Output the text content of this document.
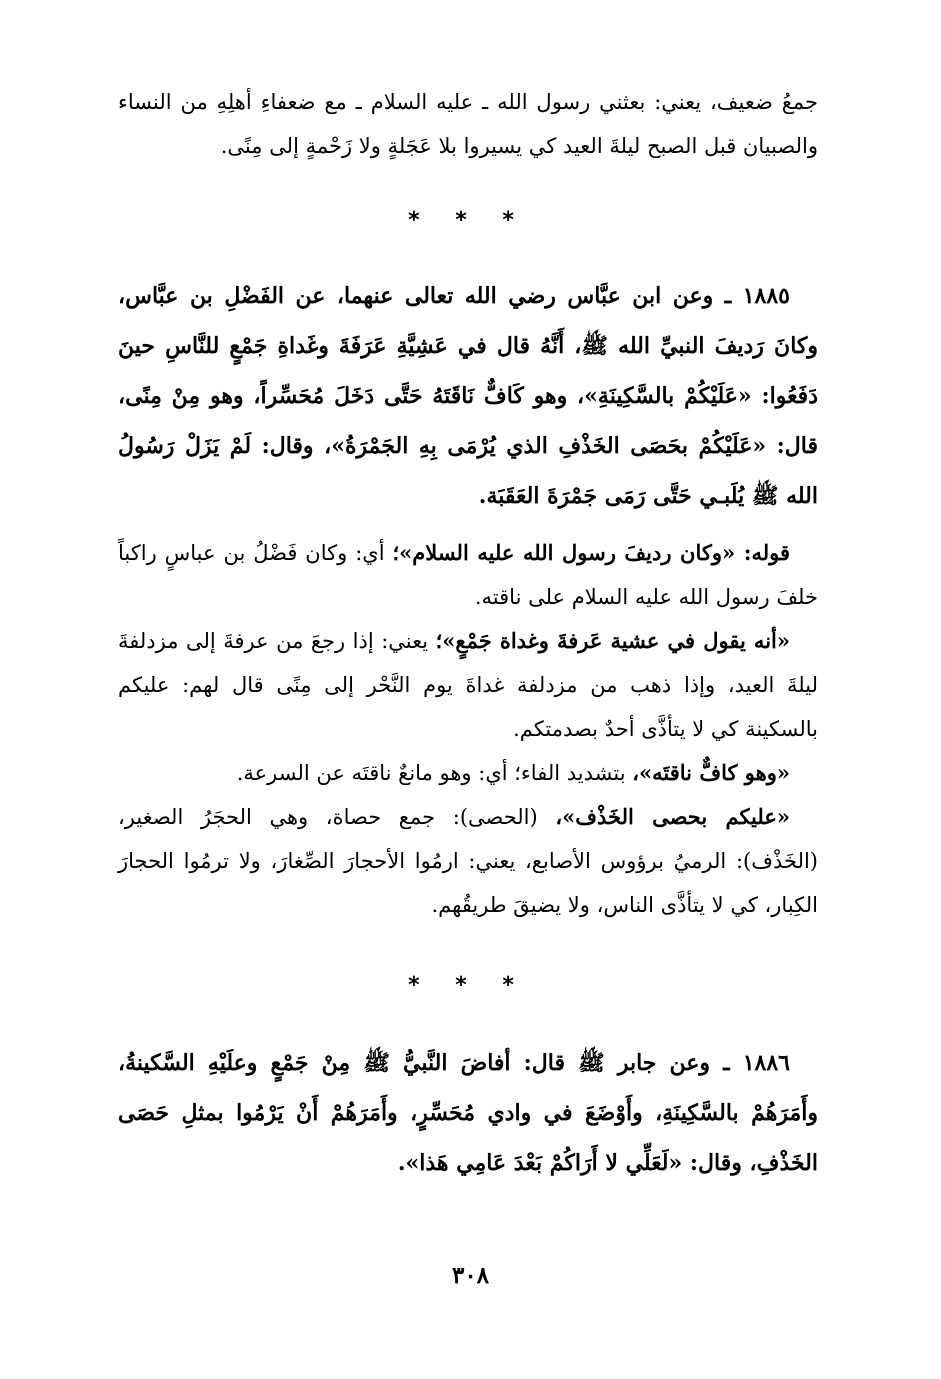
جمعُ ضعيف، يعني: بعثني رسول الله ـ عليه السلام ـ مع ضعفاءِ أهلِهِ من النساء والصبيان قبل الصبح ليلةَ العيد كي يسيروا بلا عَجَلةٍ ولا زَحْمةٍ إلى مِنًى.

* * *

١٨٨٥ ـ وعن ابن عبَّاس رضي الله تعالى عنهما، عن الفَضْلِ بن عبَّاس، وكانَ رَديفَ النبيِّ الله ﷺ، أَنَّهُ قال في عَشِيَّةِ عَرَفَةَ وغَداةِ جَمْعٍ للنَّاسِ حينَ دَفَعُوا: «عَلَيْكُمْ بالسَّكِينَةِ»، وهو كَافٌّ نَاقَتَهُ حَتَّى دَخَلَ مُحَسِّراً، وهو مِنْ مِنًى، قال: «عَلَيْكُمْ بحَصَى الخَذْفِ الذي يُرْمَى بِهِ الجَمْرَةُ»، وقال: لَمْ يَزَلْ رَسُولُ الله ﷺ يُلَبـي حَتَّى رَمَى جَمْرَةَ العَقَبَة.

قوله: «وكان رديفَ رسول الله عليه السلام»؛ أي: وكان فَضْلُ بن عباسٍ راكباً خلفَ رسول الله عليه السلام على ناقته.

«أنه يقول في عشية عَرفةَ وغداة جَمْعٍ»؛ يعني: إذا رجعَ من عرفةَ إلى مزدلفةَ ليلةَ العيد، وإذا ذهب من مزدلفة غداةَ يوم النَّحْر إلى مِنًى قال لهم: عليكم بالسكينة كي لا يتأذَّى أحدٌ بصدمتكم.

«وهو كافٌّ ناقتَه»، بتشديد الفاء؛ أي: وهو مانعٌ ناقتَه عن السرعة.

«عليكم بحصى الخَذْف»، (الحصى): جمع حصاة، وهي الحجَرُ الصغير، (الخَذْف): الرميُ برؤوس الأصابع، يعني: ارمُوا الأحجارَ الصِّغارَ، ولا ترمُوا الحجارَ الكِبار، كي لا يتأذَّى الناس، ولا يضيقَ طريقُهم.

* * *

١٨٨٦ ـ وعن جابر ﷺ قال: أفاضَ النَّبيُّ ﷺ مِنْ جَمْعٍ وعلَيْهِ السَّكينةُ، وأَمَرَهُمْ بالسَّكِينَةِ، وأَوْضَعَ في وادي مُحَسِّرٍ، وأَمَرَهُمْ أَنْ يَرْمُوا بمثلِ حَصَى الخَذْفِ، وقال: «لَعَلِّي لا أَرَاكُمْ بَعْدَ عَامِي هَذا».

٣٠٨
